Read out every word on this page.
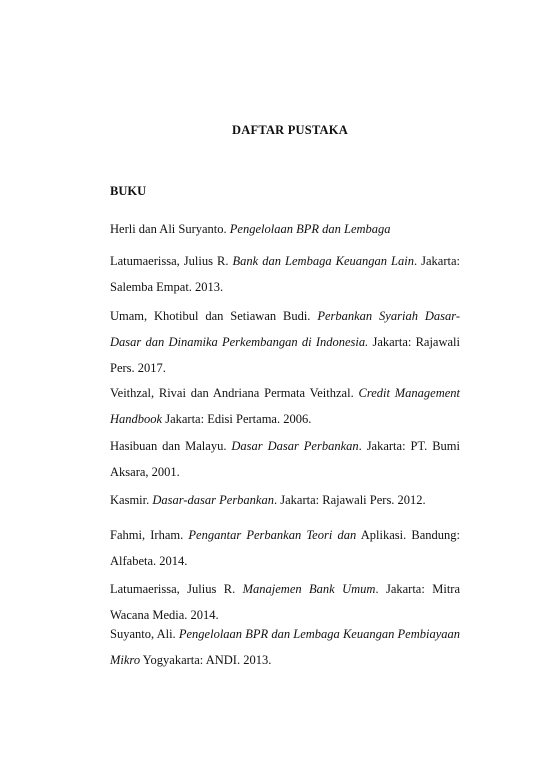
DAFTAR PUSTAKA
BUKU
Herli dan Ali Suryanto. Pengelolaan BPR dan Lembaga
Latumaerissa, Julius R. Bank dan Lembaga Keuangan Lain. Jakarta: Salemba Empat. 2013.
Umam, Khotibul dan Setiawan Budi. Perbankan Syariah Dasar-Dasar dan Dinamika Perkembangan di Indonesia. Jakarta: Rajawali Pers. 2017.
Veithzal, Rivai dan Andriana Permata Veithzal. Credit Management Handbook Jakarta: Edisi Pertama. 2006.
Hasibuan dan Malayu. Dasar Dasar Perbankan. Jakarta: PT. Bumi Aksara, 2001.
Kasmir. Dasar-dasar Perbankan. Jakarta: Rajawali Pers. 2012.
Fahmi, Irham. Pengantar Perbankan Teori dan Aplikasi. Bandung: Alfabeta. 2014.
Latumaerissa, Julius R. Manajemen Bank Umum. Jakarta: Mitra Wacana Media. 2014.
Suyanto, Ali. Pengelolaan BPR dan Lembaga Keuangan Pembiayaan Mikro Yogyakarta: ANDI. 2013.
